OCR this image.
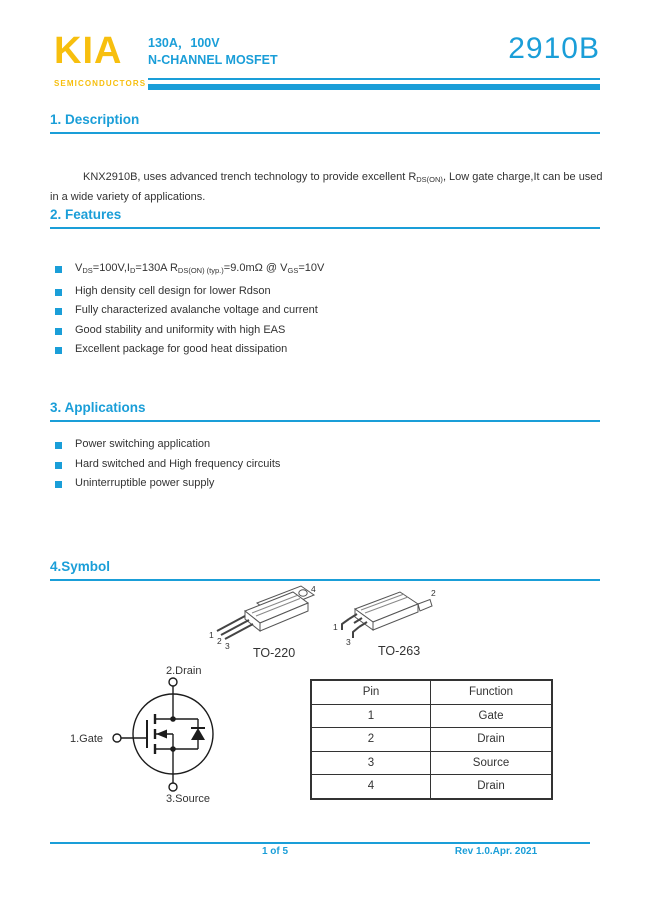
KIA
SEMICONDUCTORS
130A，100V
N-CHANNEL MOSFET	2910B
1. Description

KNX2910B, uses advanced trench technology to provide excellent RDS(ON), Low gate charge,It can be used in a wide variety of applications.

2. Features
VDS=100V,ID=130A RDS(ON) (typ.)=9.0mΩ @ VGS=10V
High density cell design for lower Rdson
Fully characterized avalanche voltage and current
Good stability and uniformity with high EAS
Excellent package for good heat dissipation
3. Applications
Power switching application
Hard switched and High frequency circuits
Uninterruptible power supply
4.Symbol
1
2 3
4
TO-220
1
2
3
TO-263
2.Drain
1.Gate
3.Source
Pin	Function
1	Gate
2	Drain
3	Source
4	Drain
1 of 5	Rev 1.0.Apr. 2021
